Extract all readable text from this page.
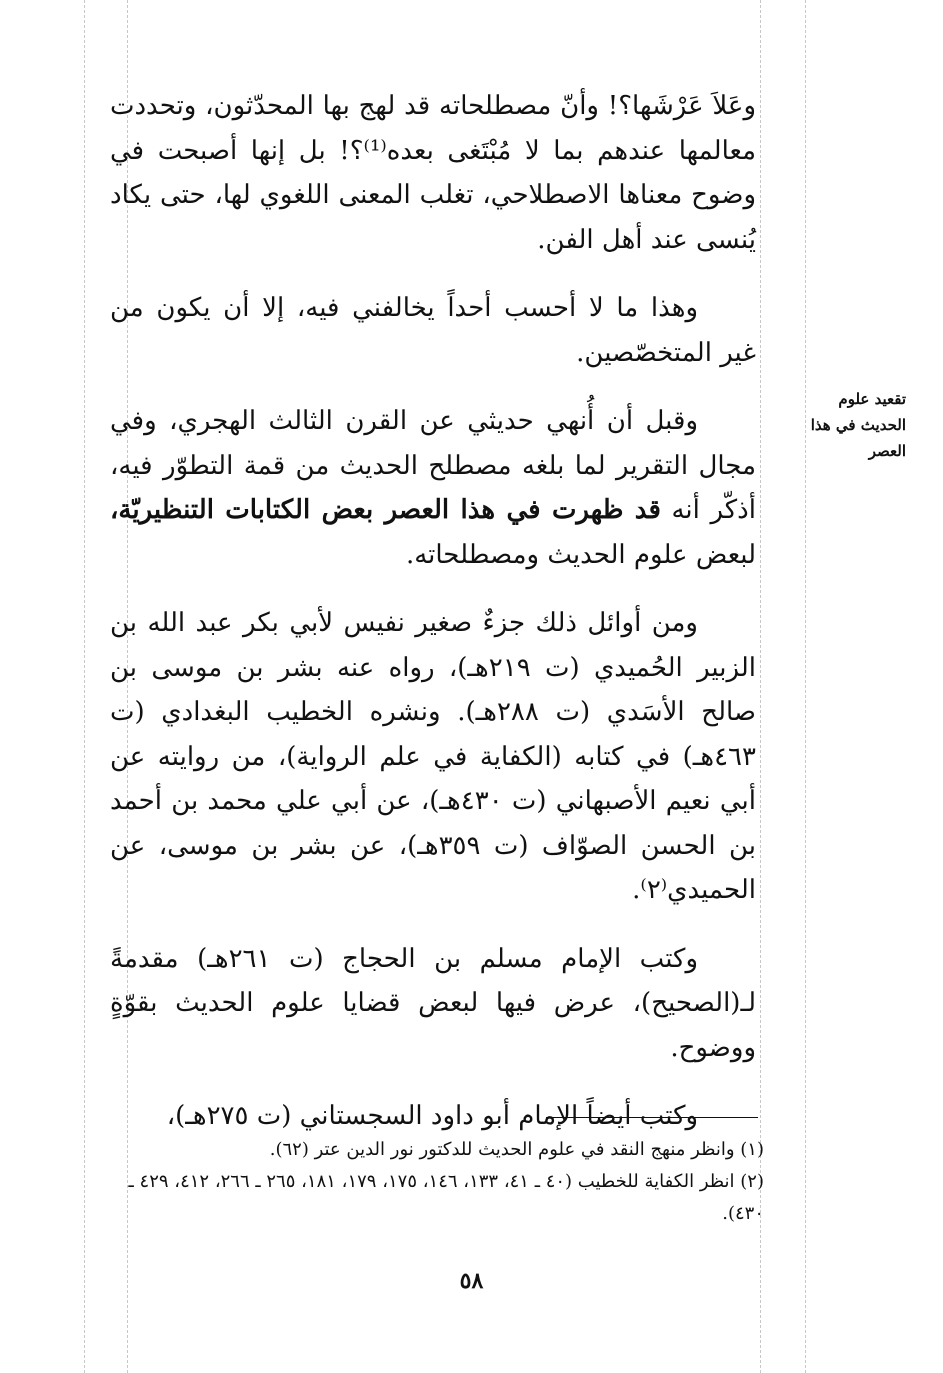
وعَلاَ عَرْشَها؟! وأنّ مصطلحاته قد لهج بها المحدّثون، وتحددت معالمها عندهم بما لا مُبْتَغى بعده⁽¹⁾؟! بل إنها أصبحت في وضوح معناها الاصطلاحي، تغلب المعنى اللغوي لها، حتى يكاد يُنسى عند أهل الفن.

وهذا ما لا أحسب أحداً يخالفني فيه، إلا أن يكون من غير المتخصّصين.

وقبل أن أُنهي حديثي عن القرن الثالث الهجري، وفي مجال التقرير لما بلغه مصطلح الحديث من قمة التطوّر فيه، أذكّر أنه قد ظهرت في هذا العصر بعض الكتابات التنظيريّة، لبعض علوم الحديث ومصطلحاته.

ومن أوائل ذلك جزءٌ صغير نفيس لأبي بكر عبد الله بن الزبير الحُميدي (ت ٢١٩هـ)، رواه عنه بشر بن موسى بن صالح الأسَدي (ت ٢٨٨هـ). ونشره الخطيب البغدادي (ت ٤٦٣هـ) في كتابه (الكفاية في علم الرواية)، من روايته عن أبي نعيم الأصبهاني (ت ٤٣٠هـ)، عن أبي علي محمد بن أحمد بن الحسن الصوّاف (ت ٣٥٩هـ)، عن بشر بن موسى، عن الحميدي⁽٢⁾.

وكتب الإمام مسلم بن الحجاج (ت ٢٦١هـ) مقدمةً لـ(الصحيح)، عرض فيها لبعض قضايا علوم الحديث بقوّةٍ ووضوح.

وكتب أيضاً الإمام أبو داود السجستاني (ت ٢٧٥هـ)،

تقعيد علوم
الحديث في هذا
العصر
(١) وانظر منهج النقد في علوم الحديث للدكتور نور الدين عتر (٦٢).
(٢) انظر الكفاية للخطيب (٤٠ ـ ٤١، ١٣٣، ١٤٦، ١٧٥، ١٧٩، ١٨١، ٢٦٥ ـ ٢٦٦، ٤١٢، ٤٢٩ ـ ٤٣٠).
٥٨
